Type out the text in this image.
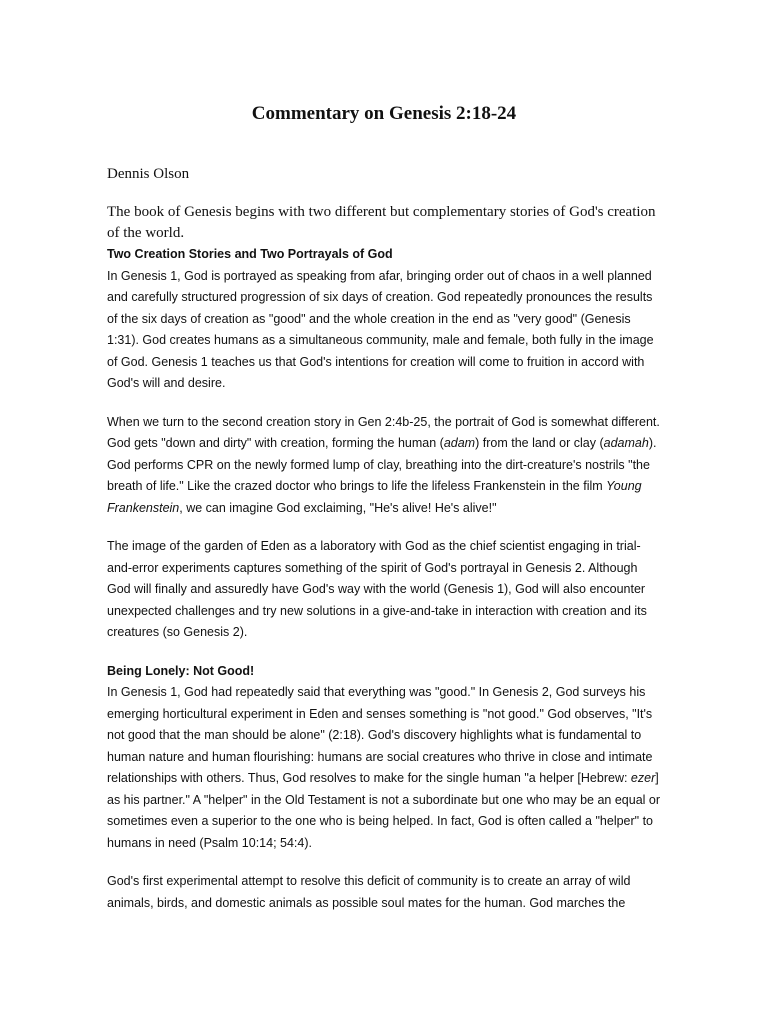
Commentary on Genesis 2:18-24

Dennis Olson

The book of Genesis begins with two different but complementary stories of God's creation of the world.

Two Creation Stories and Two Portrayals of God

In Genesis 1, God is portrayed as speaking from afar, bringing order out of chaos in a well planned and carefully structured progression of six days of creation. God repeatedly pronounces the results of the six days of creation as "good" and the whole creation in the end as "very good" (Genesis 1:31). God creates humans as a simultaneous community, male and female, both fully in the image of God. Genesis 1 teaches us that God's intentions for creation will come to fruition in accord with God's will and desire.

When we turn to the second creation story in Gen 2:4b-25, the portrait of God is somewhat different. God gets "down and dirty" with creation, forming the human (adam) from the land or clay (adamah). God performs CPR on the newly formed lump of clay, breathing into the dirt-creature's nostrils "the breath of life." Like the crazed doctor who brings to life the lifeless Frankenstein in the film Young Frankenstein, we can imagine God exclaiming, "He's alive! He's alive!"

The image of the garden of Eden as a laboratory with God as the chief scientist engaging in trial-and-error experiments captures something of the spirit of God's portrayal in Genesis 2. Although God will finally and assuredly have God's way with the world (Genesis 1), God will also encounter unexpected challenges and try new solutions in a give-and-take in interaction with creation and its creatures (so Genesis 2).

Being Lonely: Not Good!

In Genesis 1, God had repeatedly said that everything was "good." In Genesis 2, God surveys his emerging horticultural experiment in Eden and senses something is "not good." God observes, "It's not good that the man should be alone" (2:18). God's discovery highlights what is fundamental to human nature and human flourishing: humans are social creatures who thrive in close and intimate relationships with others. Thus, God resolves to make for the single human "a helper [Hebrew: ezer] as his partner." A "helper" in the Old Testament is not a subordinate but one who may be an equal or sometimes even a superior to the one who is being helped. In fact, God is often called a "helper" to humans in need (Psalm 10:14; 54:4).

God's first experimental attempt to resolve this deficit of community is to create an array of wild animals, birds, and domestic animals as possible soul mates for the human. God marches the
